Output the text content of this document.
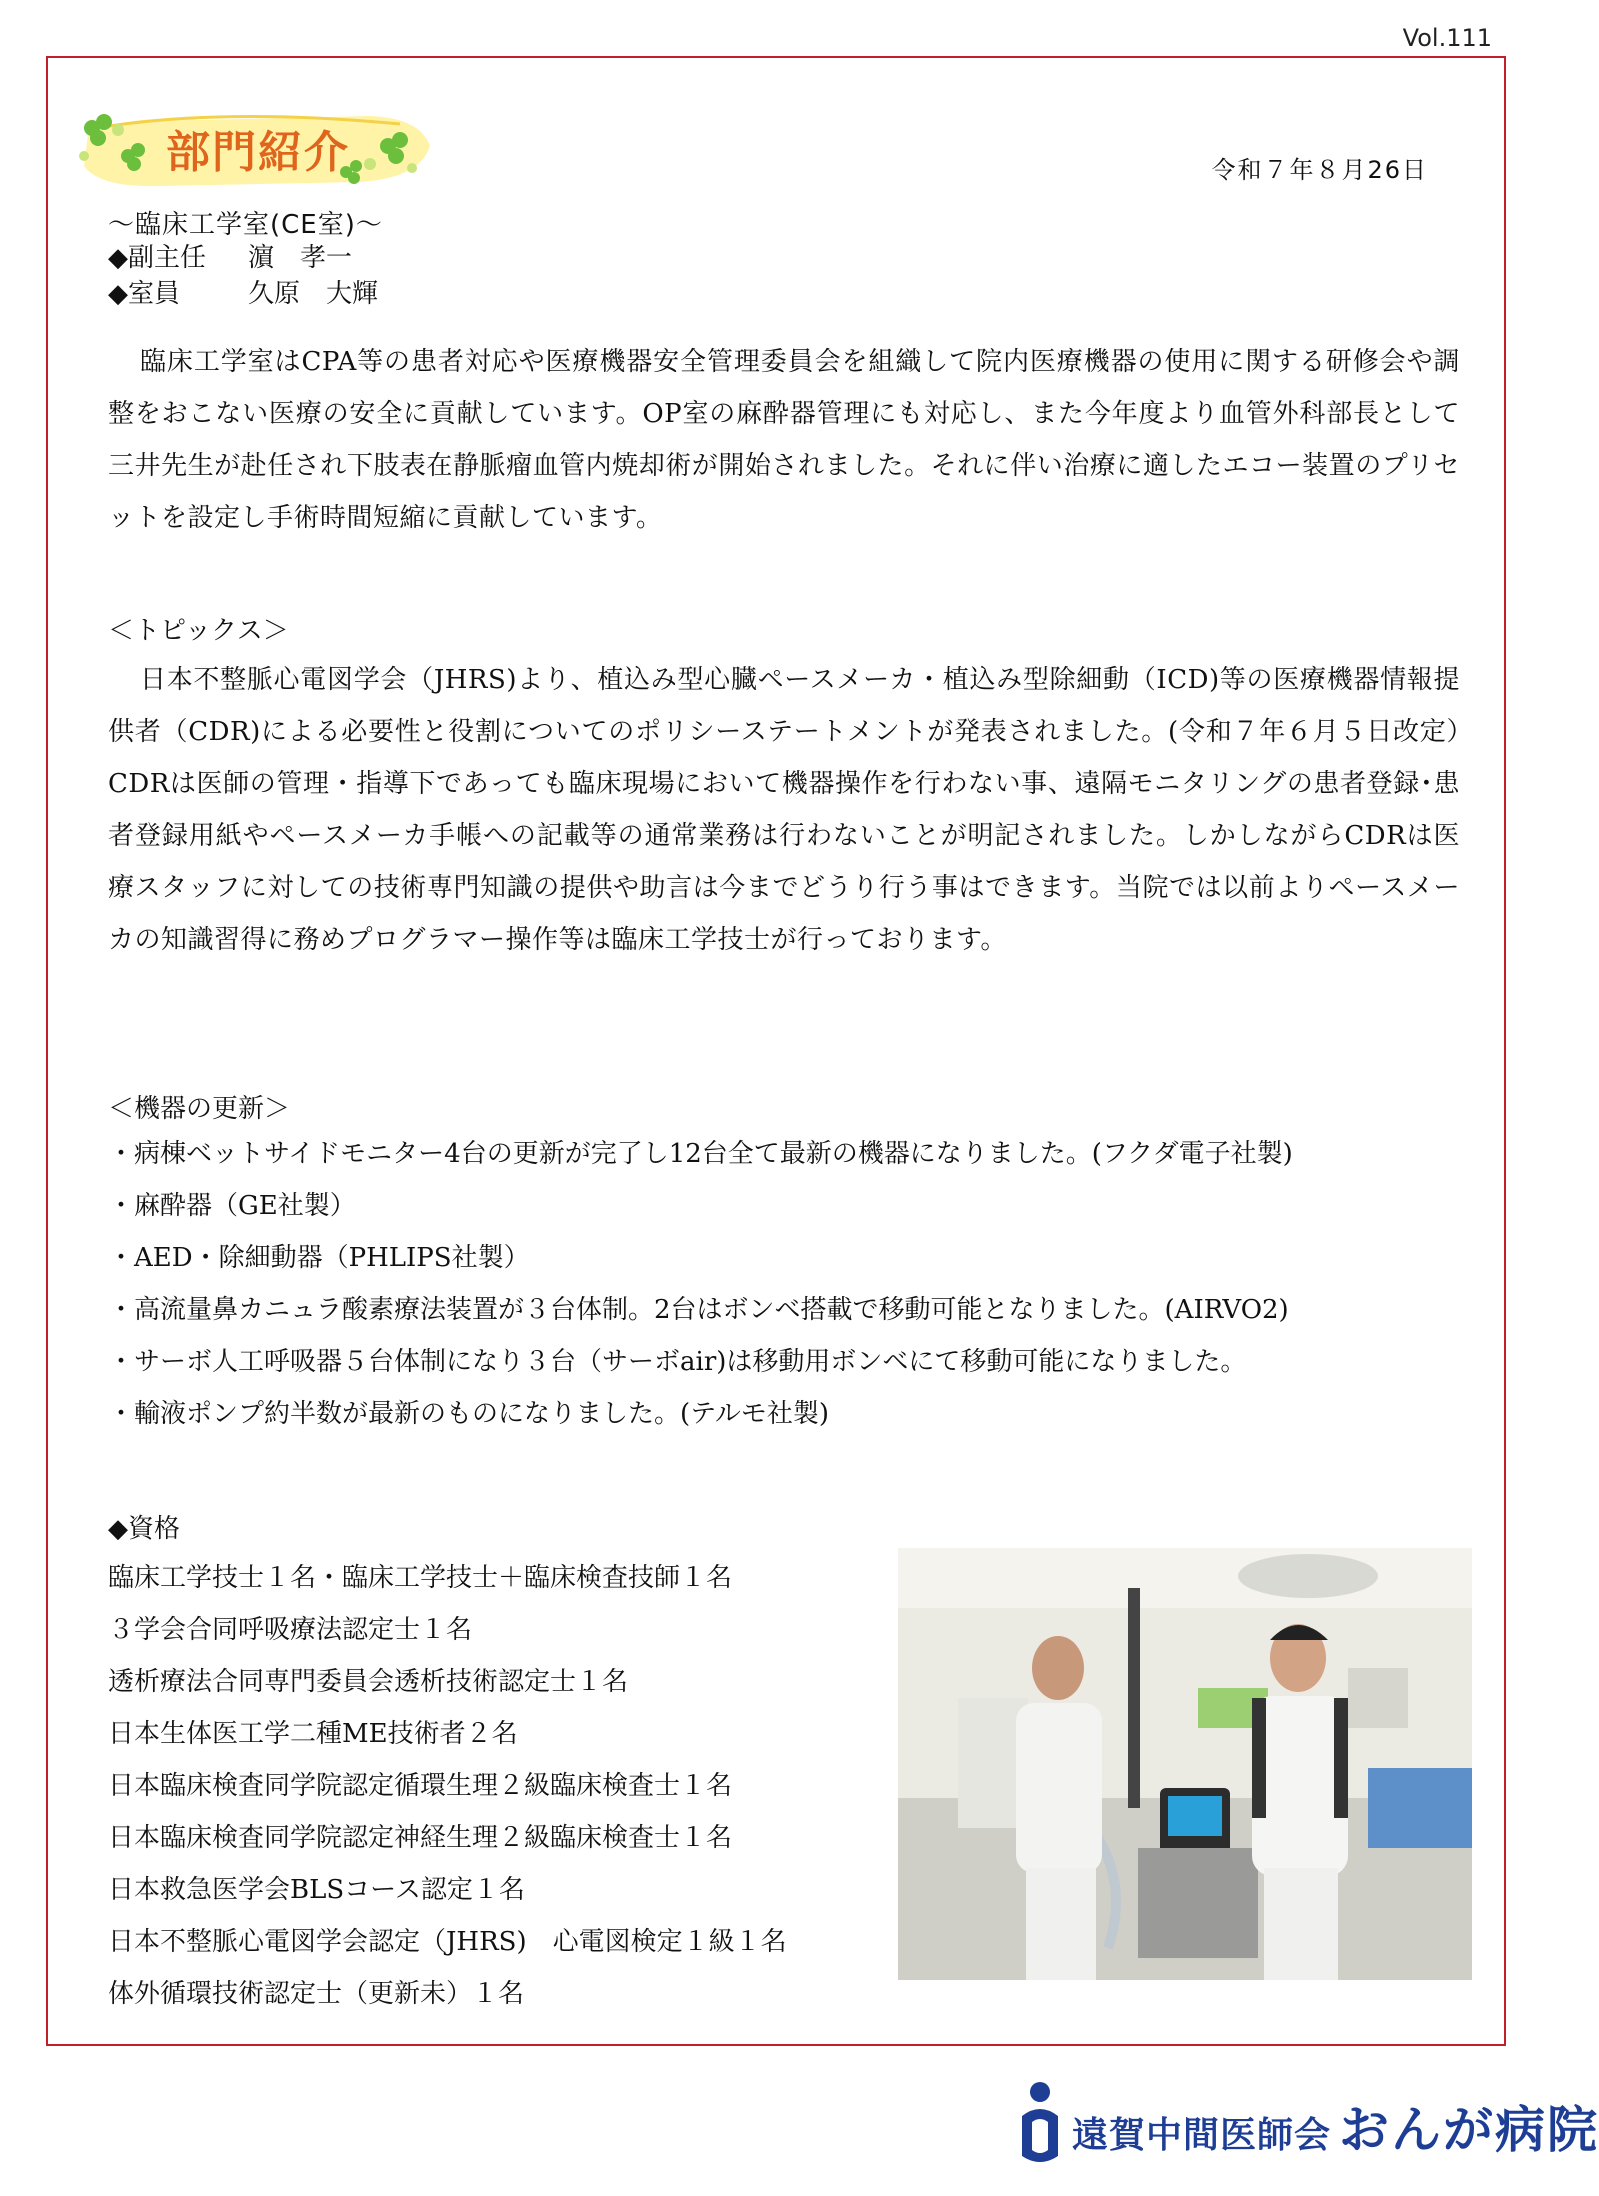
Vol.111
部門紹介	令和７年８月26日
～臨床工学室(CE室)～
◆副主任 濵　孝一
◆室員	久原　大輝
臨床工学室はCPA等の患者対応や医療機器安全管理委員会を組織して院内医療機器の使用に関する研修会や調整をおこない医療の安全に貢献しています。OP室の麻酔器管理にも対応し、また今年度より血管外科部長として三井先生が赴任され下肢表在静脈瘤血管内焼却術が開始されました。それに伴い治療に適したエコー装置のプリセットを設定し手術時間短縮に貢献しています。
＜トピックス＞
日本不整脈心電図学会（JHRS)より、植込み型心臓ペースメーカ・植込み型除細動（ICD)等の医療機器情報提供者（CDR)による必要性と役割についてのポリシーステートメントが発表されました。(令和７年６月５日改定）CDRは医師の管理・指導下であっても臨床現場において機器操作を行わない事、遠隔モニタリングの患者登録･患者登録用紙やペースメーカ手帳への記載等の通常業務は行わないことが明記されました。しかしながらCDRは医療スタッフに対しての技術専門知識の提供や助言は今までどうり行う事はできます。当院では以前よりペースメーカの知識習得に務めプログラマー操作等は臨床工学技士が行っております。
＜機器の更新＞
・病棟ベットサイドモニター4台の更新が完了し12台全て最新の機器になりました。(フクダ電子社製)
・麻酔器（GE社製）
・AED・除細動器（PHLIPS社製）
・高流量鼻カニュラ酸素療法装置が３台体制。2台はボンベ搭載で移動可能となりました。(AIRVO2)
・サーボ人工呼吸器５台体制になり３台（サーボair)は移動用ボンベにて移動可能になりました。
・輸液ポンプ約半数が最新のものになりました。(テルモ社製)
◆資格
臨床工学技士１名・臨床工学技士＋臨床検査技師１名
３学会合同呼吸療法認定士１名
透析療法合同専門委員会透析技術認定士１名
日本生体医工学二種ME技術者２名
日本臨床検査同学院認定循環生理２級臨床検査士１名
日本臨床検査同学院認定神経生理２級臨床検査士１名
日本救急医学会BLSコース認定１名
日本不整脈心電図学会認定（JHRS)　心電図検定１級１名
体外循環技術認定士（更新未）１名
遠賀中間医師会 おんが病院
